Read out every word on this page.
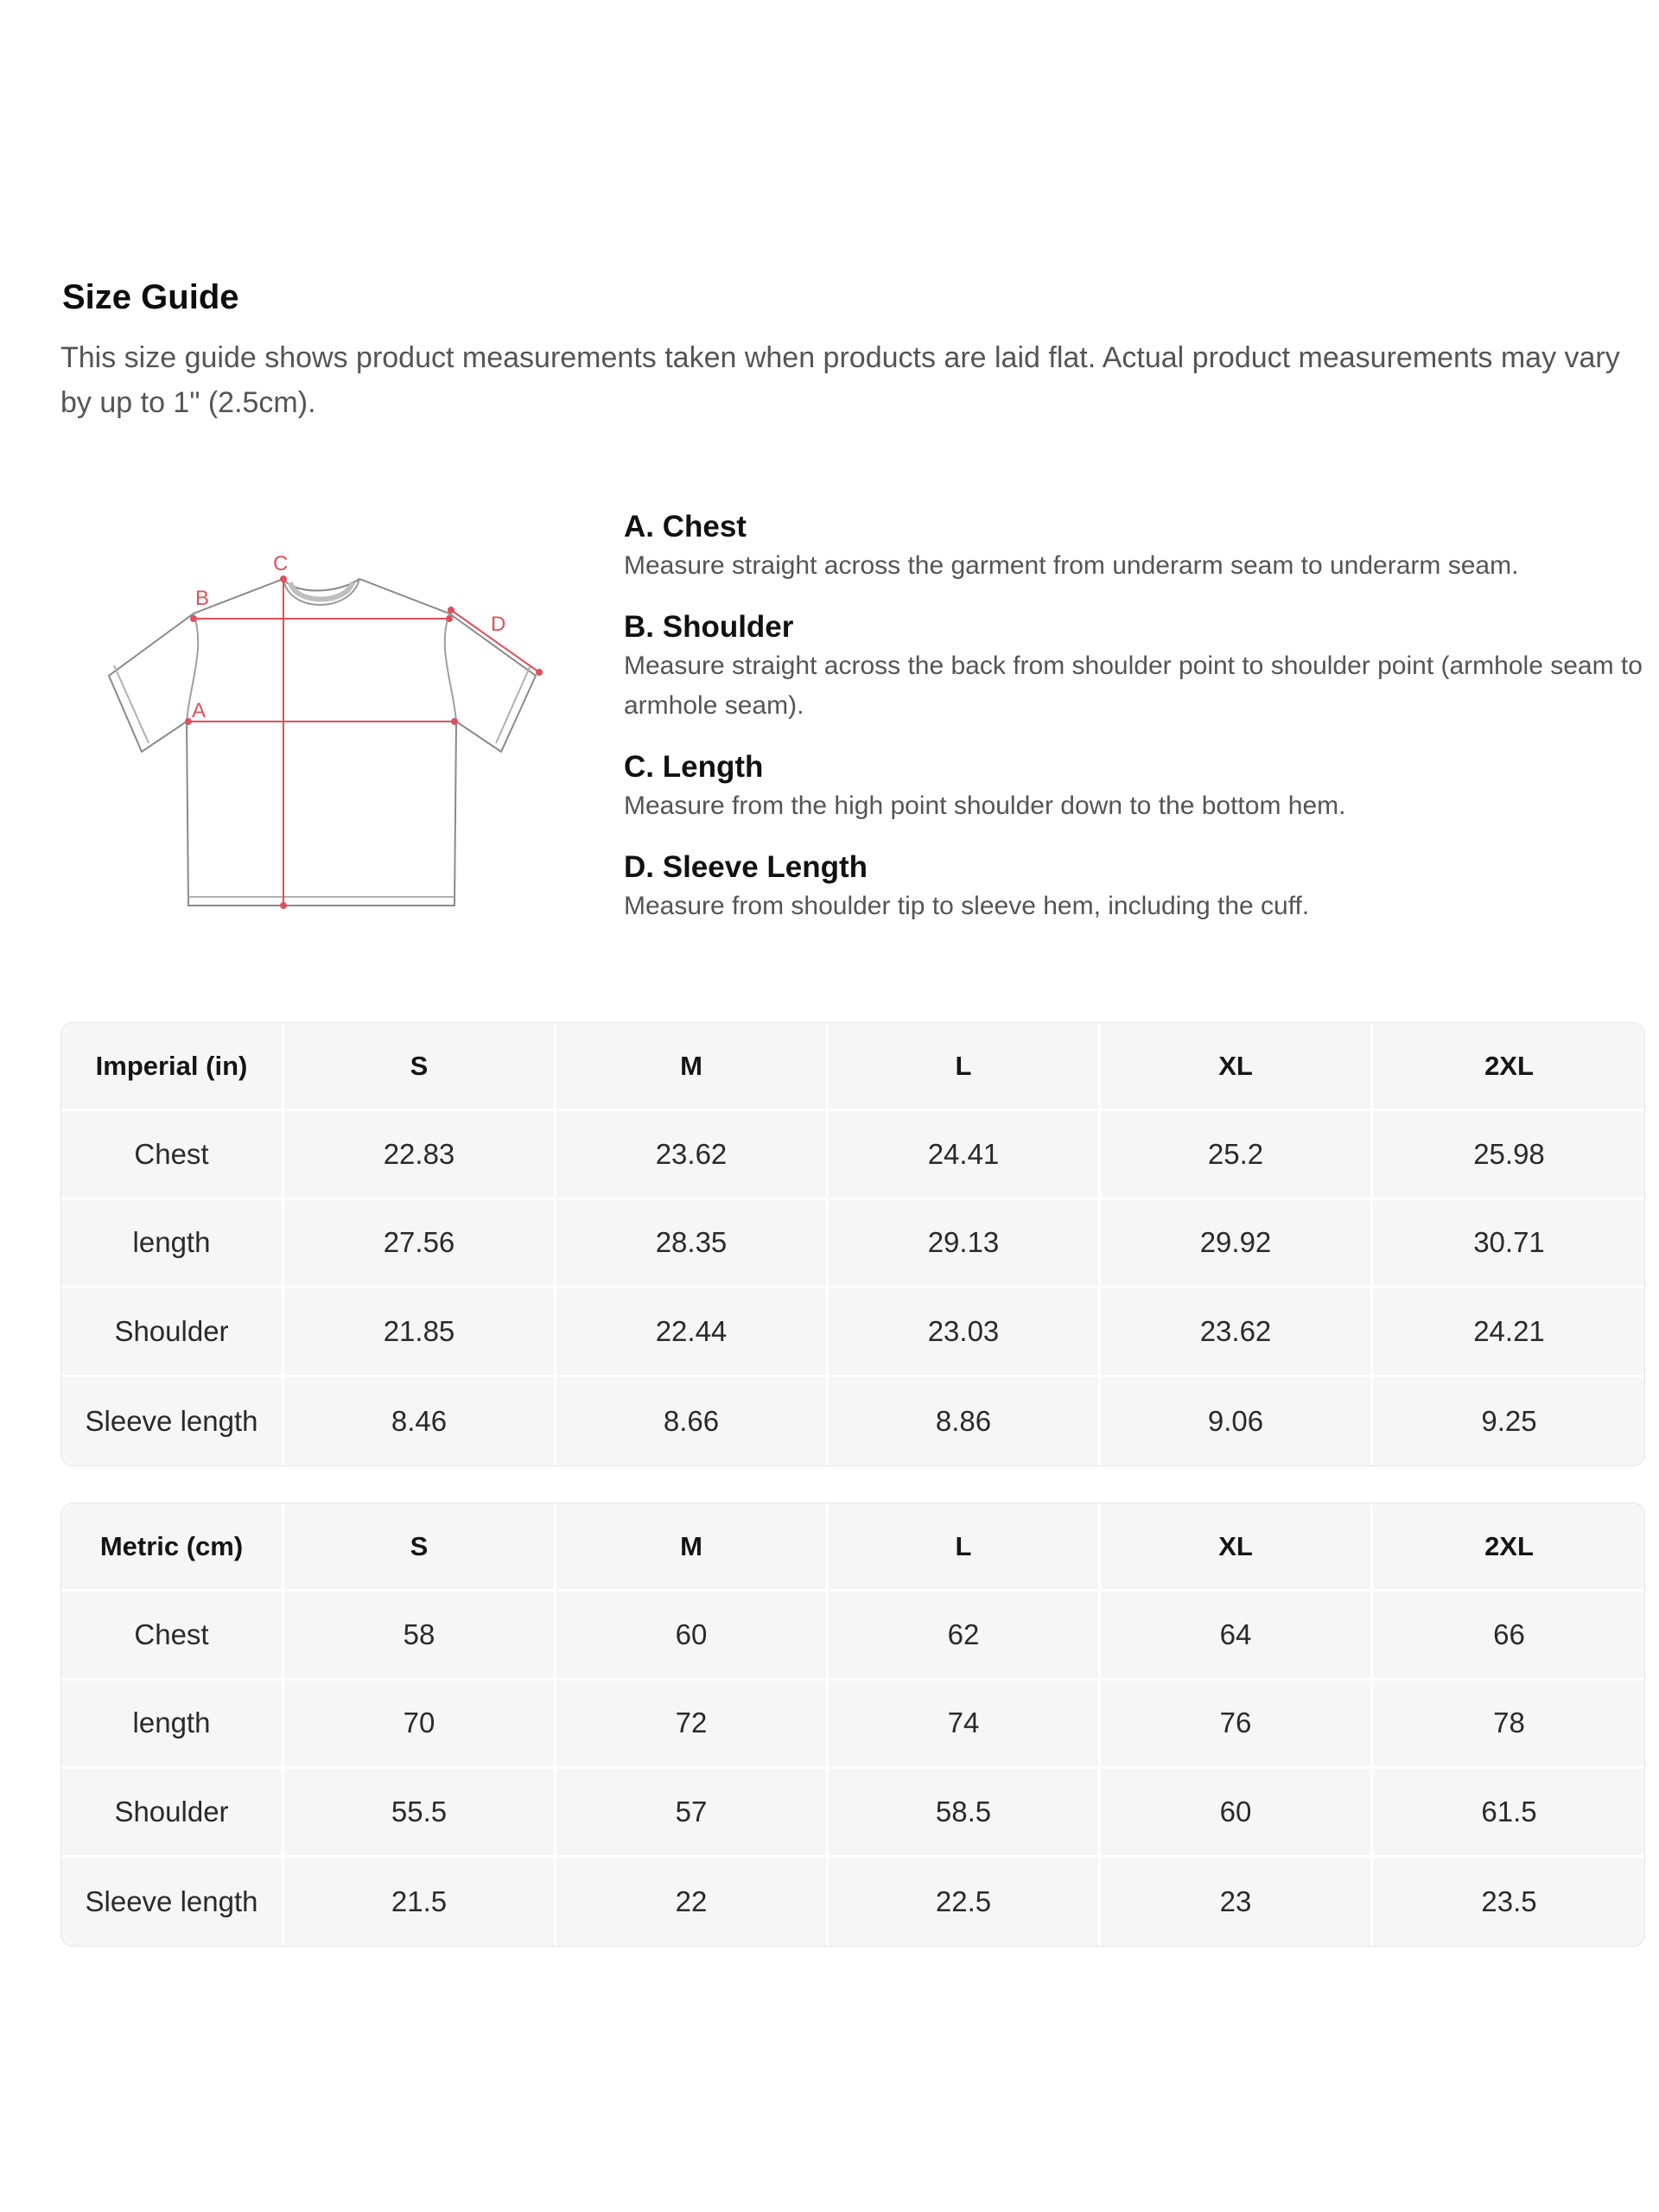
Size Guide

This size guide shows product measurements taken when products are laid flat. Actual product measurements may vary by up to 1" (2.5cm).

A
B
C
D
A. Chest
Measure straight across the garment from underarm seam to underarm seam.
B. Shoulder
Measure straight across the back from shoulder point to shoulder point (armhole seam to armhole seam).
C. Length
Measure from the high point shoulder down to the bottom hem.
D. Sleeve Length
Measure from shoulder tip to sleeve hem, including the cuff.
Imperial (in)	S	M	L	XL	2XL
Chest	22.83	23.62	24.41	25.2	25.98
length	27.56	28.35	29.13	29.92	30.71
Shoulder	21.85	22.44	23.03	23.62	24.21
Sleeve length	8.46	8.66	8.86	9.06	9.25
Metric (cm)	S	M	L	XL	2XL
Chest	58	60	62	64	66
length	70	72	74	76	78
Shoulder	55.5	57	58.5	60	61.5
Sleeve length	21.5	22	22.5	23	23.5
